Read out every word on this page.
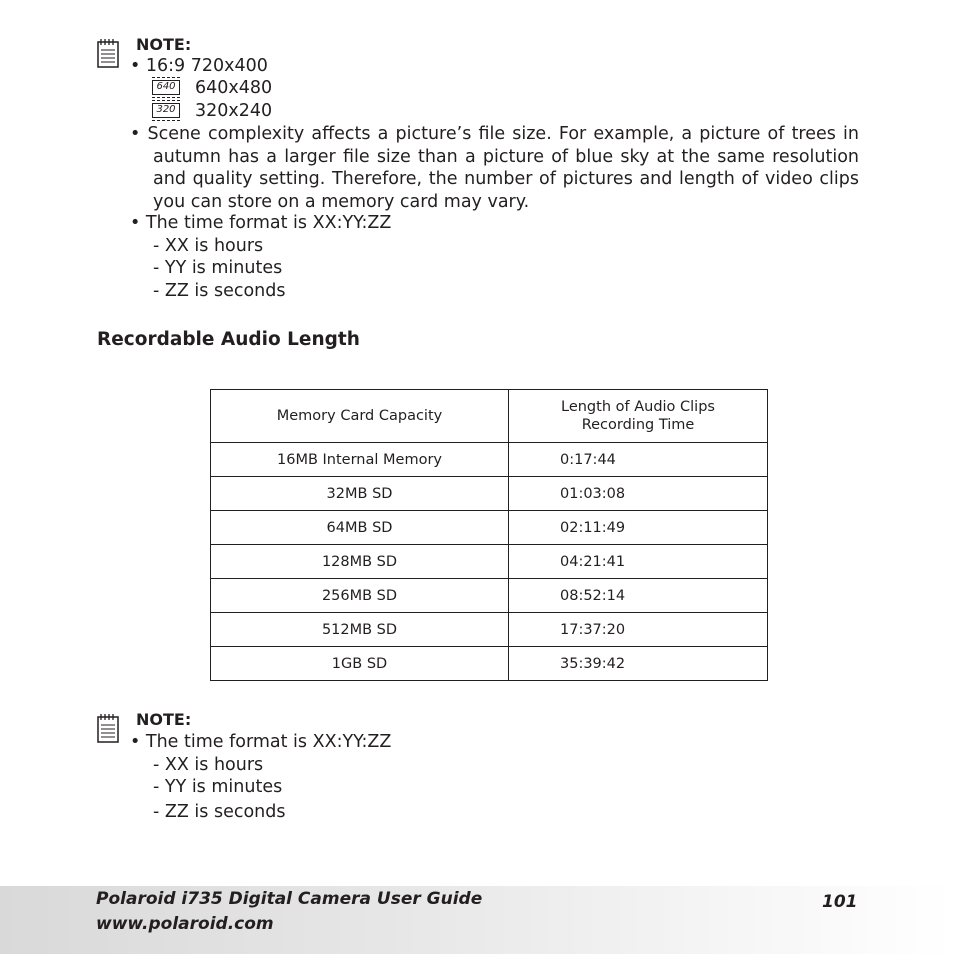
NOTE:
• 16:9 720x400
640 640x480
320 320x240
• Scene complexity affects a picture’s file size. For example, a picture of trees in autumn has a larger file size than a picture of blue sky at the same resolution and quality setting. Therefore, the number of pictures and length of video clips you can store on a memory card may vary.
• The time format is XX:YY:ZZ
- XX is hours
- YY is minutes
- ZZ is seconds
Recordable Audio Length
Memory Card Capacity	Length of Audio Clips
Recording Time

16MB Internal Memory	0:17:44
32MB SD	01:03:08
64MB SD	02:11:49
128MB SD	04:21:41
256MB SD	08:52:14
512MB SD	17:37:20
1GB SD	35:39:42
NOTE:
• The time format is XX:YY:ZZ
- XX is hours
- YY is minutes
- ZZ is seconds
Polaroid i735 Digital Camera User Guide
www.polaroid.com
101
